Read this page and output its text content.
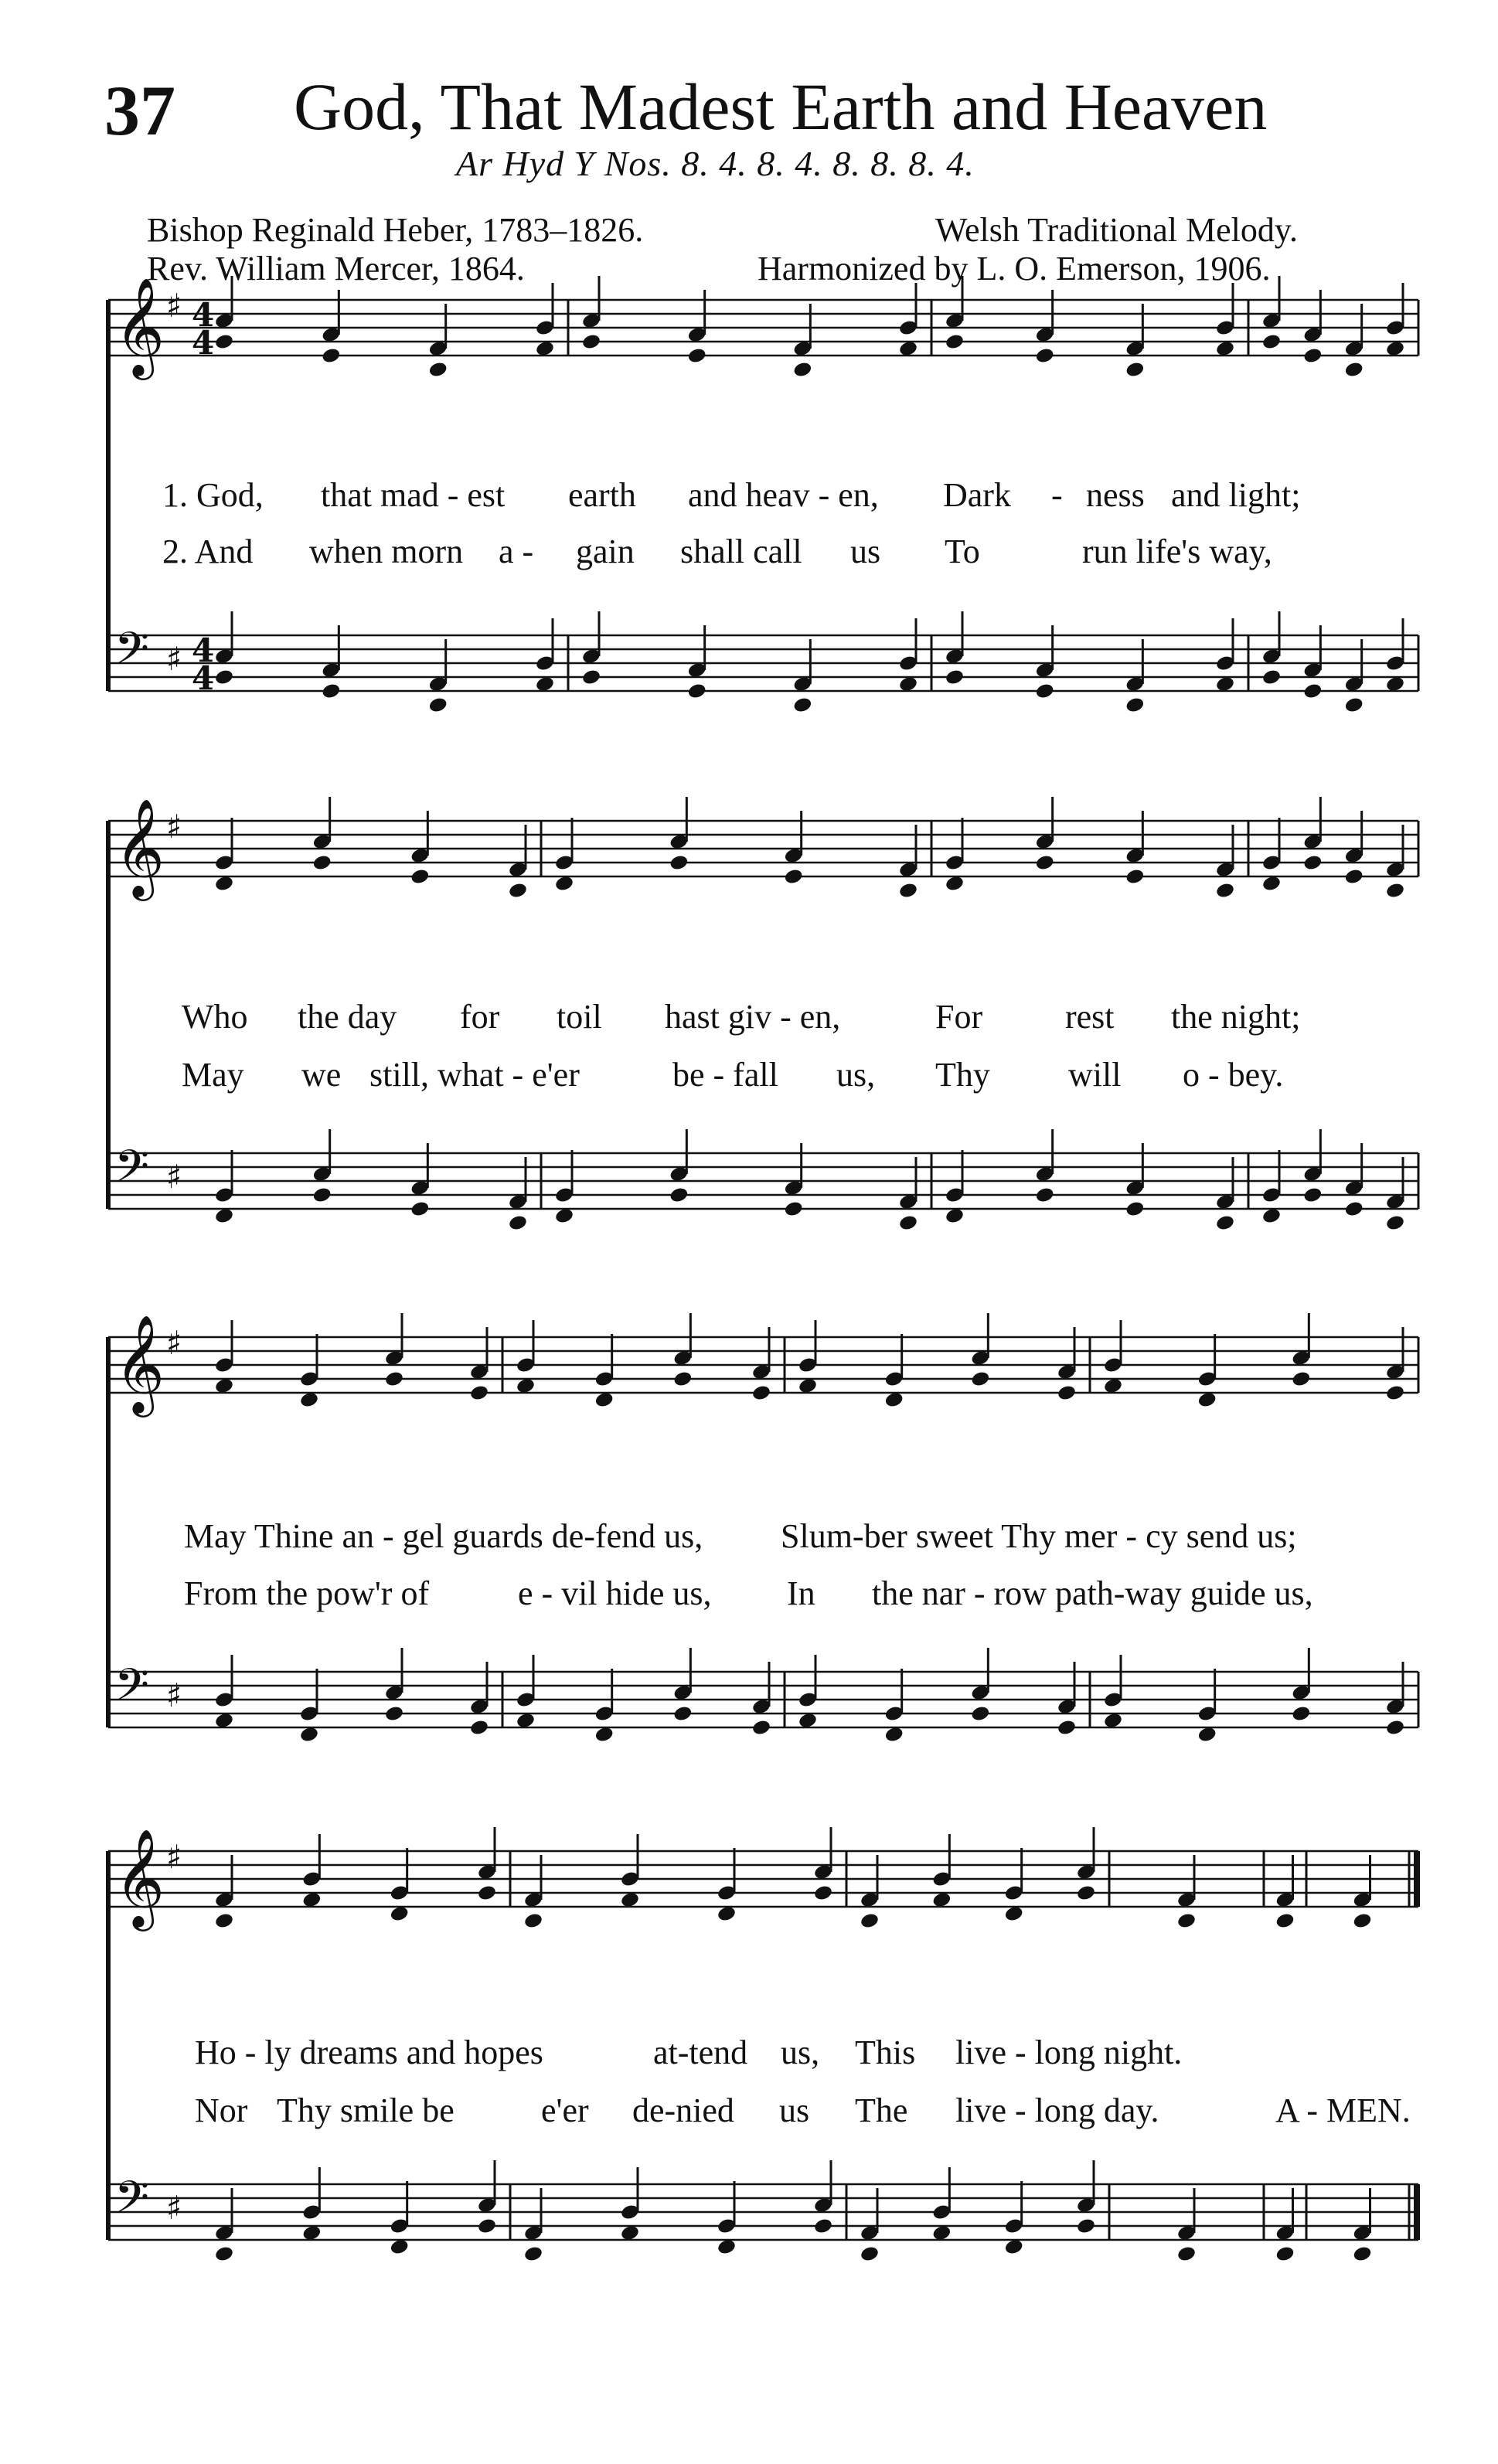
37 God, That Madest Earth and Heaven
Ar Hyd Y Nos. 8. 4. 8. 4. 8. 8. 8. 4.
Bishop Reginald Heber, 1783–1826.
Rev. William Mercer, 1864.
Welsh Traditional Melody.
Harmonized by L. O. Emerson, 1906.
𝄞 ♯ 4
4
𝄢 ♯ 4
4
𝄞 ♯
𝄢 ♯
𝄞 ♯
𝄢 ♯
𝄞 ♯
𝄢 ♯
1. God, that mad - est earth and heav - en, Dark - ness and light;
2. And when morn a - gain shall call us To	run life's way,
Who the day for toil hast giv - en,	For rest the night;
May we still, what - e'er	be - fall us, Thy will o - bey.
May Thine an - gel guards de-fend us, Slum-ber sweet Thy mer - cy send us;
From the pow'r of	e - vil hide us, In the nar - row path-way guide us,
Ho - ly dreams and hopes	at-tend us, This live - long night.
Nor Thy smile be	e'er de-nied us The live - long day.	A - MEN.
